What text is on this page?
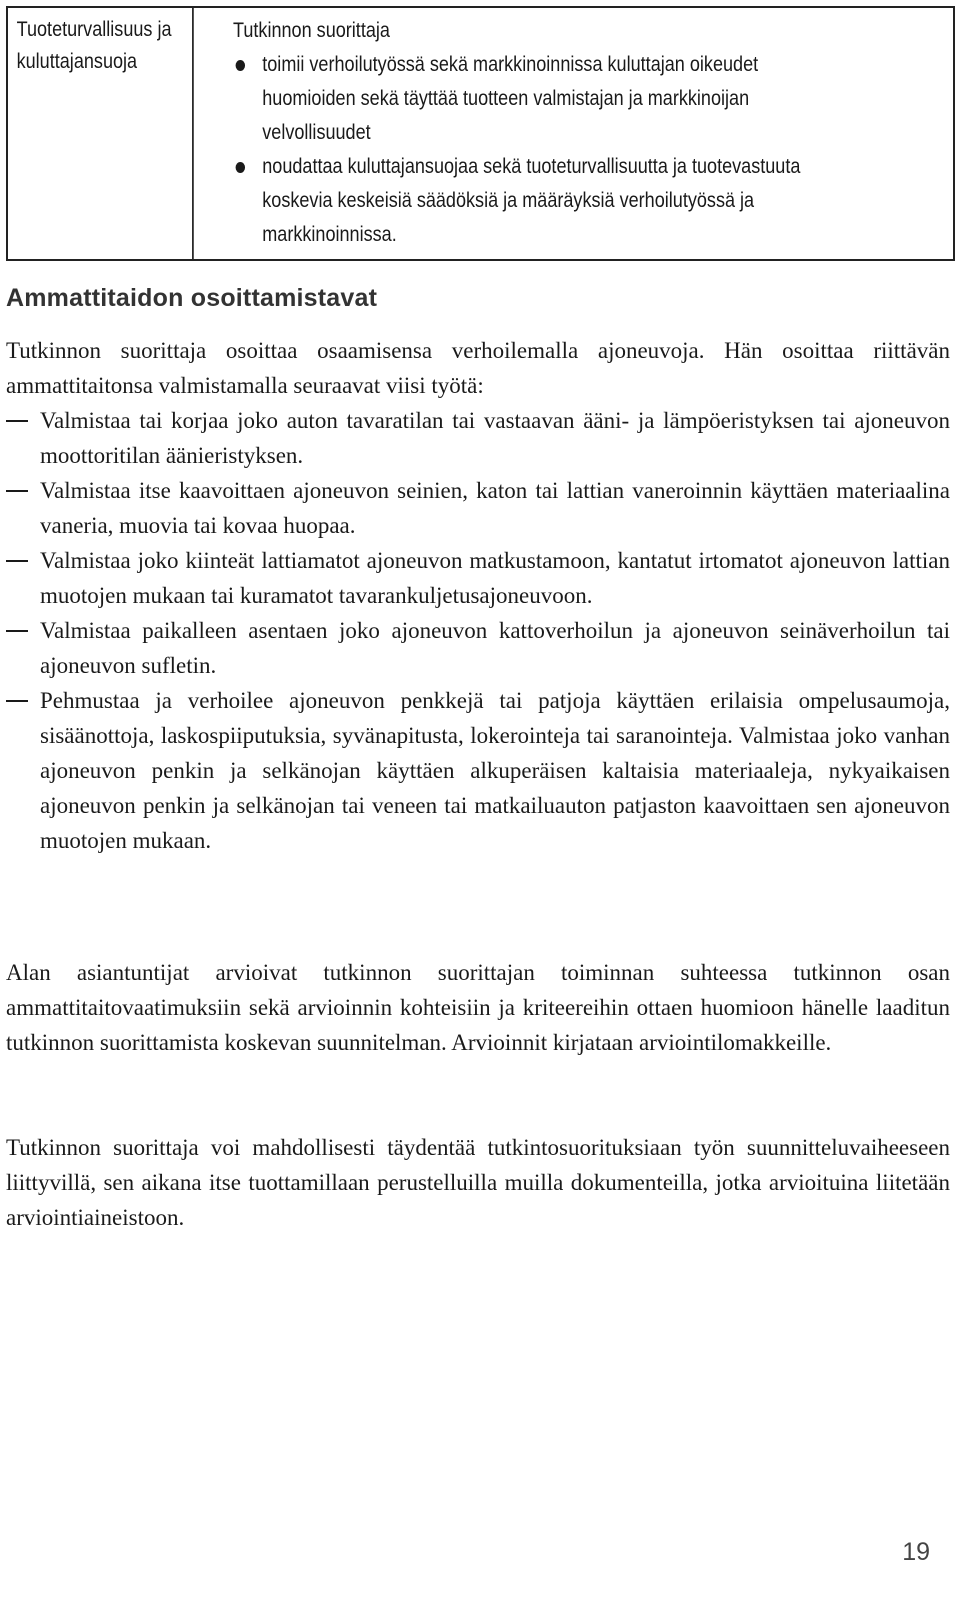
Tuoteturvallisuus ja kuluttajansuoja
Tutkinnon suorittaja
toimii verhoilutyössä sekä markkinoinnissa kuluttajan oikeudet huomioiden sekä täyttää tuotteen valmistajan ja markkinoijan velvollisuudet
noudattaa kuluttajansuojaa sekä tuoteturvallisuutta ja tuotevastuuta koskevia keskeisiä säädöksiä ja määräyksiä verhoilutyössä ja markkinoinnissa.
Ammattitaidon osoittamistavat

Tutkinnon suorittaja osoittaa osaamisensa verhoilemalla ajoneuvoja. Hän osoittaa riittävän ammattitaitonsa valmistamalla seuraavat viisi työtä:

Valmistaa tai korjaa joko auton tavaratilan tai vastaavan ääni- ja lämpöeristyksen tai ajoneuvon moottoritilan äänieristyksen.
Valmistaa itse kaavoittaen ajoneuvon seinien, katon tai lattian vaneroinnin käyttäen materiaalina vaneria, muovia tai kovaa huopaa.
Valmistaa joko kiinteät lattiamatot ajoneuvon matkustamoon, kantatut irtomatot ajoneuvon lattian muotojen mukaan tai kuramatot tavarankuljetusajoneuvoon.
Valmistaa paikalleen asentaen joko ajoneuvon kattoverhoilun ja ajoneuvon seinäverhoilun tai ajoneuvon sufletin.
Pehmustaa ja verhoilee ajoneuvon penkkejä tai patjoja käyttäen erilaisia ompelusaumoja, sisäänottoja, laskospiiputuksia, syvänapitusta, lokerointeja tai saranointeja. Valmistaa joko vanhan ajoneuvon penkin ja selkänojan käyttäen alkuperäisen kaltaisia materiaaleja, nykyaikaisen ajoneuvon penkin ja selkänojan tai veneen tai matkailuauton patjaston kaavoittaen sen ajoneuvon muotojen mukaan.

Alan asiantuntijat arvioivat tutkinnon suorittajan toiminnan suhteessa tutkinnon osan ammattitaitovaatimuksiin sekä arvioinnin kohteisiin ja kriteereihin ottaen huomioon hänelle laaditun tutkinnon suorittamista koskevan suunnitelman. Arvioinnit kirjataan arviointilomakkeille.

Tutkinnon suorittaja voi mahdollisesti täydentää tutkintosuorituksiaan työn suunnitteluvaiheeseen liittyvillä, sen aikana itse tuottamillaan perustelluilla muilla dokumenteilla, jotka arvioituina liitetään arviointiaineistoon.

19
